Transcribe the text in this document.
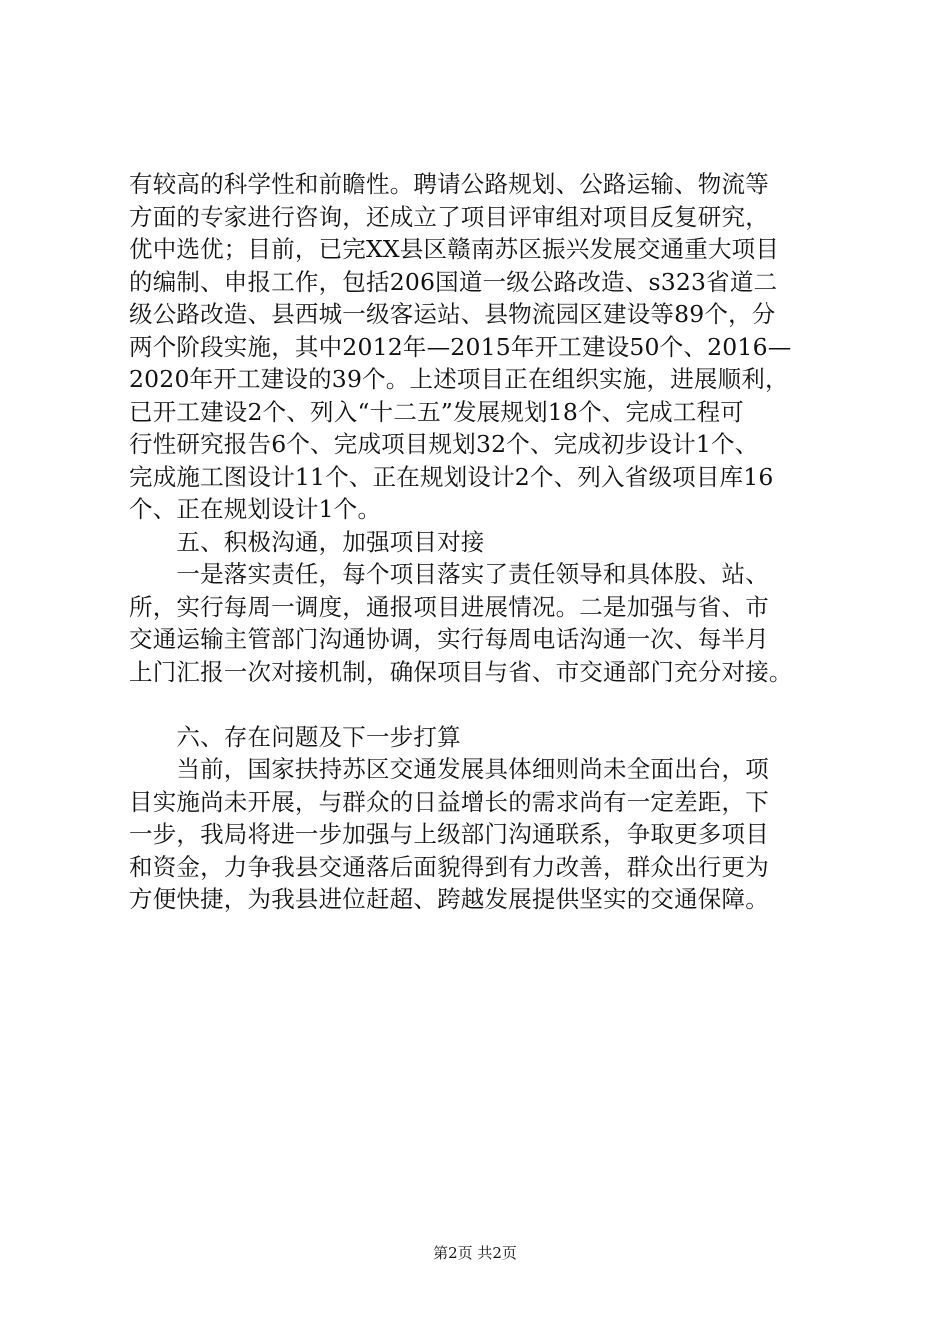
有较高的科学性和前瞻性。聘请公路规划、公路运输、物流等
方面的专家进行咨询，还成立了项目评审组对项目反复研究，
优中选优；目前，已完XX县区赣南苏区振兴发展交通重大项目
的编制、申报工作，包括206国道一级公路改造、s323省道二
级公路改造、县西城一级客运站、县物流园区建设等89个，分
两个阶段实施，其中2012年—2015年开工建设50个、2016—
2020年开工建设的39个。上述项目正在组织实施，进展顺利，
已开工建设2个、列入“十二五”发展规划18个、完成工程可
行性研究报告6个、完成项目规划32个、完成初步设计1个、
完成施工图设计11个、正在规划设计2个、列入省级项目库16
个、正在规划设计1个。
　　五、积极沟通，加强项目对接
　　一是落实责任，每个项目落实了责任领导和具体股、站、
所，实行每周一调度，通报项目进展情况。二是加强与省、市
交通运输主管部门沟通协调，实行每周电话沟通一次、每半月
上门汇报一次对接机制，确保项目与省、市交通部门充分对接。
　　六、存在问题及下一步打算
　　当前，国家扶持苏区交通发展具体细则尚未全面出台，项
目实施尚未开展，与群众的日益增长的需求尚有一定差距，下
一步，我局将进一步加强与上级部门沟通联系，争取更多项目
和资金，力争我县交通落后面貌得到有力改善，群众出行更为
方便快捷，为我县进位赶超、跨越发展提供坚实的交通保障。
第2页 共2页
